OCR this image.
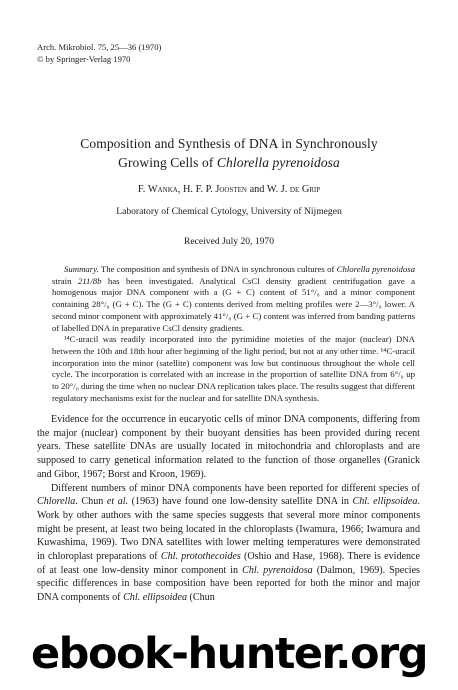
Arch. Mikrobiol. 75, 25—36 (1970)
© by Springer-Verlag 1970
Composition and Synthesis of DNA in Synchronously
Growing Cells of Chlorella pyrenoidosa
F. Wanka, H. F. P. Joosten and W. J. de Grip
Laboratory of Chemical Cytology, University of Nijmegen
Received July 20, 1970

Summary. The composition and synthesis of DNA in synchronous cultures of Chlorella pyrenoidosa strain 211/8b has been investigated. Analytical CsCl density gradient centrifugation gave a homogenous major DNA component with a (G + C) content of 51°/₀ and a minor component containing 28°/₀ (G + C). The (G + C) contents derived from melting profiles were 2—3°/₀ lower. A second minor component with approximately 41°/₀ (G + C) content was inferred from banding patterns of labelled DNA in preparative CsCl density gradients.

¹⁴C-uracil was readily incorporated into the pyrimidine moieties of the major (nuclear) DNA between the 10th and 18th hour after beginning of the light period, but not at any other time. ¹⁴C-uracil incorporation into the minor (satellite) component was low but continuous throughout the whole cell cycle. The incorporation is correlated with an increase in the proportion of satellite DNA from 6°/₀ up to 20°/₀ during the time when no nuclear DNA replication takes place. The results suggest that different regulatory mechanisms exist for the nuclear and for satellite DNA synthesis.

Evidence for the occurrence in eucaryotic cells of minor DNA components, differing from the major (nuclear) component by their buoyant densities has been provided during recent years. These satellite DNAs are usually located in mitochondria and chloroplasts and are supposed to carry genetical information related to the function of those organelles (Granick and Gibor, 1967; Borst and Kroon, 1969).

Different numbers of minor DNA components have been reported for different species of Chlorella. Chun et al. (1963) have found one low-density satellite DNA in Chl. ellipsoidea. Work by other authors with the same species suggests that several more minor components might be present, at least two being located in the chloroplasts (Iwamura, 1966; Iwamura and Kuwashima, 1969). Two DNA satellites with lower melting temperatures were demonstrated in chloroplast preparations of Chl. protothecoides (Oshio and Hase, 1968). There is evidence of at least one low-density minor component in Chl. pyrenoidosa (Dalmon, 1969). Species specific differences in base composition have been reported for both the minor and major DNA components of Chl. ellipsoidea (Chun

ebook-hunter.org
